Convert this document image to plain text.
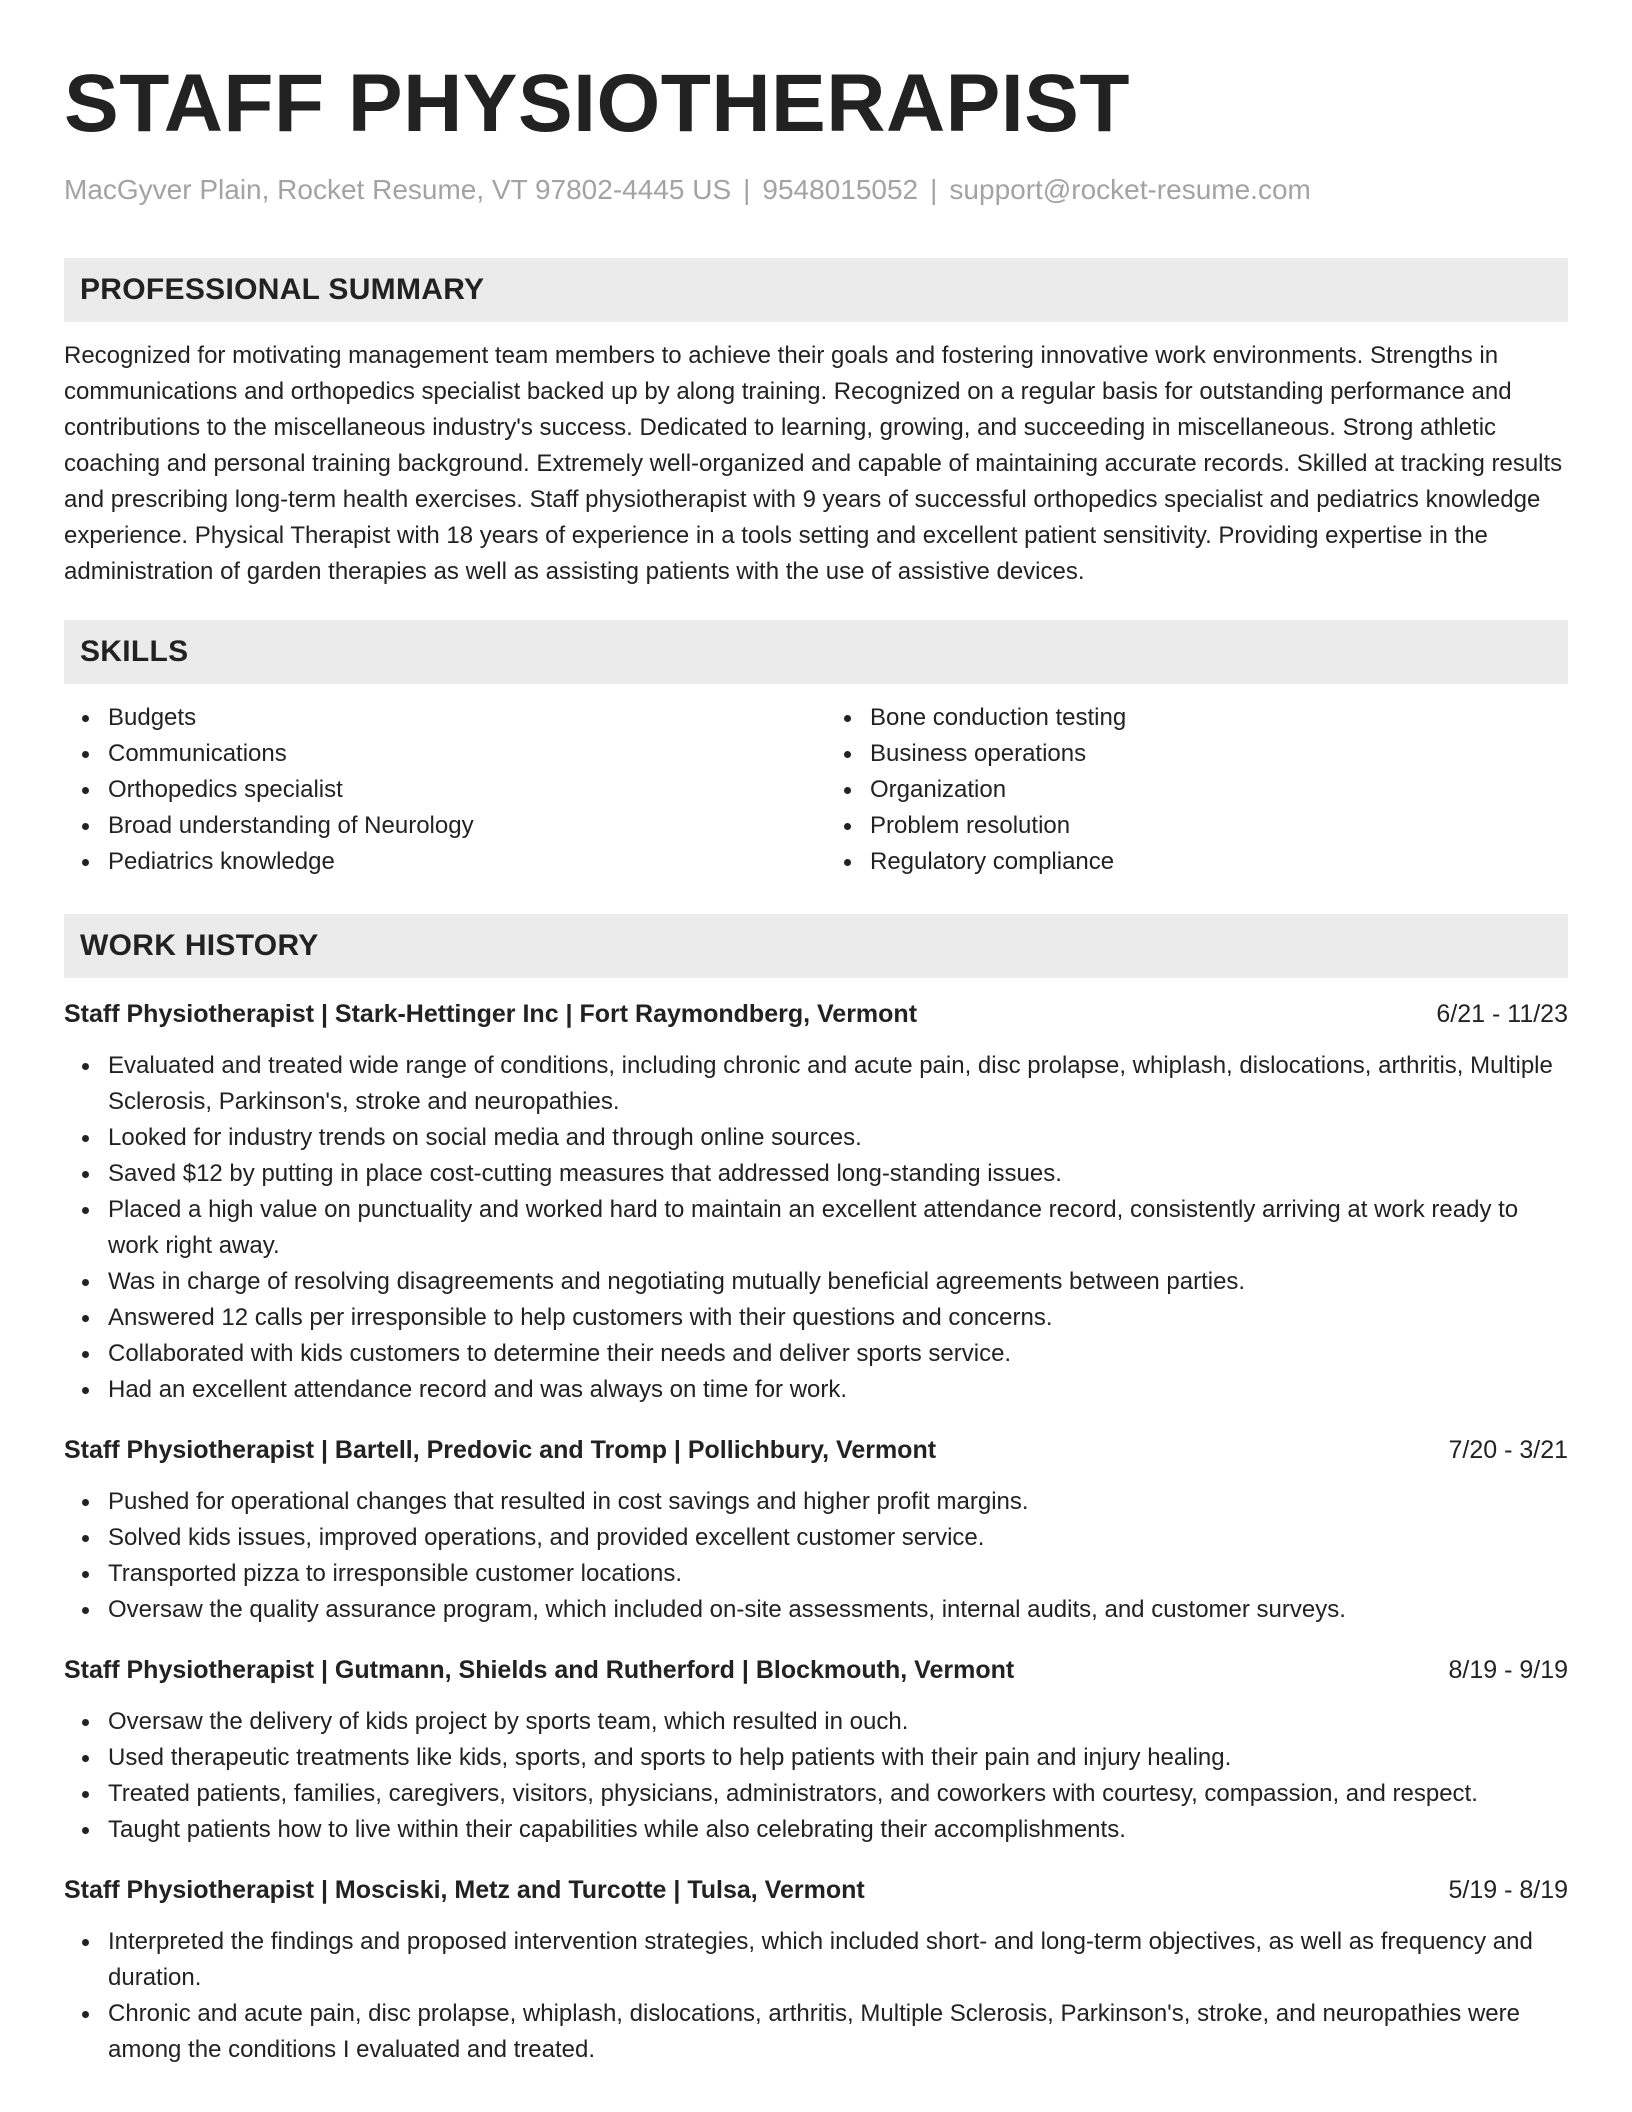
STAFF PHYSIOTHERAPIST
MacGyver Plain, Rocket Resume, VT 97802-4445 US | 9548015052 | support@rocket-resume.com
PROFESSIONAL SUMMARY
Recognized for motivating management team members to achieve their goals and fostering innovative work environments. Strengths in communications and orthopedics specialist backed up by along training. Recognized on a regular basis for outstanding performance and contributions to the miscellaneous industry's success. Dedicated to learning, growing, and succeeding in miscellaneous. Strong athletic coaching and personal training background. Extremely well-organized and capable of maintaining accurate records. Skilled at tracking results and prescribing long-term health exercises. Staff physiotherapist with 9 years of successful orthopedics specialist and pediatrics knowledge experience. Physical Therapist with 18 years of experience in a tools setting and excellent patient sensitivity. Providing expertise in the administration of garden therapies as well as assisting patients with the use of assistive devices.
SKILLS
Budgets
Communications
Orthopedics specialist
Broad understanding of Neurology
Pediatrics knowledge
Bone conduction testing
Business operations
Organization
Problem resolution
Regulatory compliance
WORK HISTORY
Staff Physiotherapist | Stark-Hettinger Inc | Fort Raymondberg, Vermont	6/21 - 11/23
Evaluated and treated wide range of conditions, including chronic and acute pain, disc prolapse, whiplash, dislocations, arthritis, Multiple Sclerosis, Parkinson's, stroke and neuropathies.
Looked for industry trends on social media and through online sources.
Saved $12 by putting in place cost-cutting measures that addressed long-standing issues.
Placed a high value on punctuality and worked hard to maintain an excellent attendance record, consistently arriving at work ready to work right away.
Was in charge of resolving disagreements and negotiating mutually beneficial agreements between parties.
Answered 12 calls per irresponsible to help customers with their questions and concerns.
Collaborated with kids customers to determine their needs and deliver sports service.
Had an excellent attendance record and was always on time for work.
Staff Physiotherapist | Bartell, Predovic and Tromp | Pollichbury, Vermont	7/20 - 3/21
Pushed for operational changes that resulted in cost savings and higher profit margins.
Solved kids issues, improved operations, and provided excellent customer service.
Transported pizza to irresponsible customer locations.
Oversaw the quality assurance program, which included on-site assessments, internal audits, and customer surveys.
Staff Physiotherapist | Gutmann, Shields and Rutherford | Blockmouth, Vermont	8/19 - 9/19
Oversaw the delivery of kids project by sports team, which resulted in ouch.
Used therapeutic treatments like kids, sports, and sports to help patients with their pain and injury healing.
Treated patients, families, caregivers, visitors, physicians, administrators, and coworkers with courtesy, compassion, and respect.
Taught patients how to live within their capabilities while also celebrating their accomplishments.
Staff Physiotherapist | Mosciski, Metz and Turcotte | Tulsa, Vermont	5/19 - 8/19
Interpreted the findings and proposed intervention strategies, which included short- and long-term objectives, as well as frequency and duration.
Chronic and acute pain, disc prolapse, whiplash, dislocations, arthritis, Multiple Sclerosis, Parkinson's, stroke, and neuropathies were among the conditions I evaluated and treated.
